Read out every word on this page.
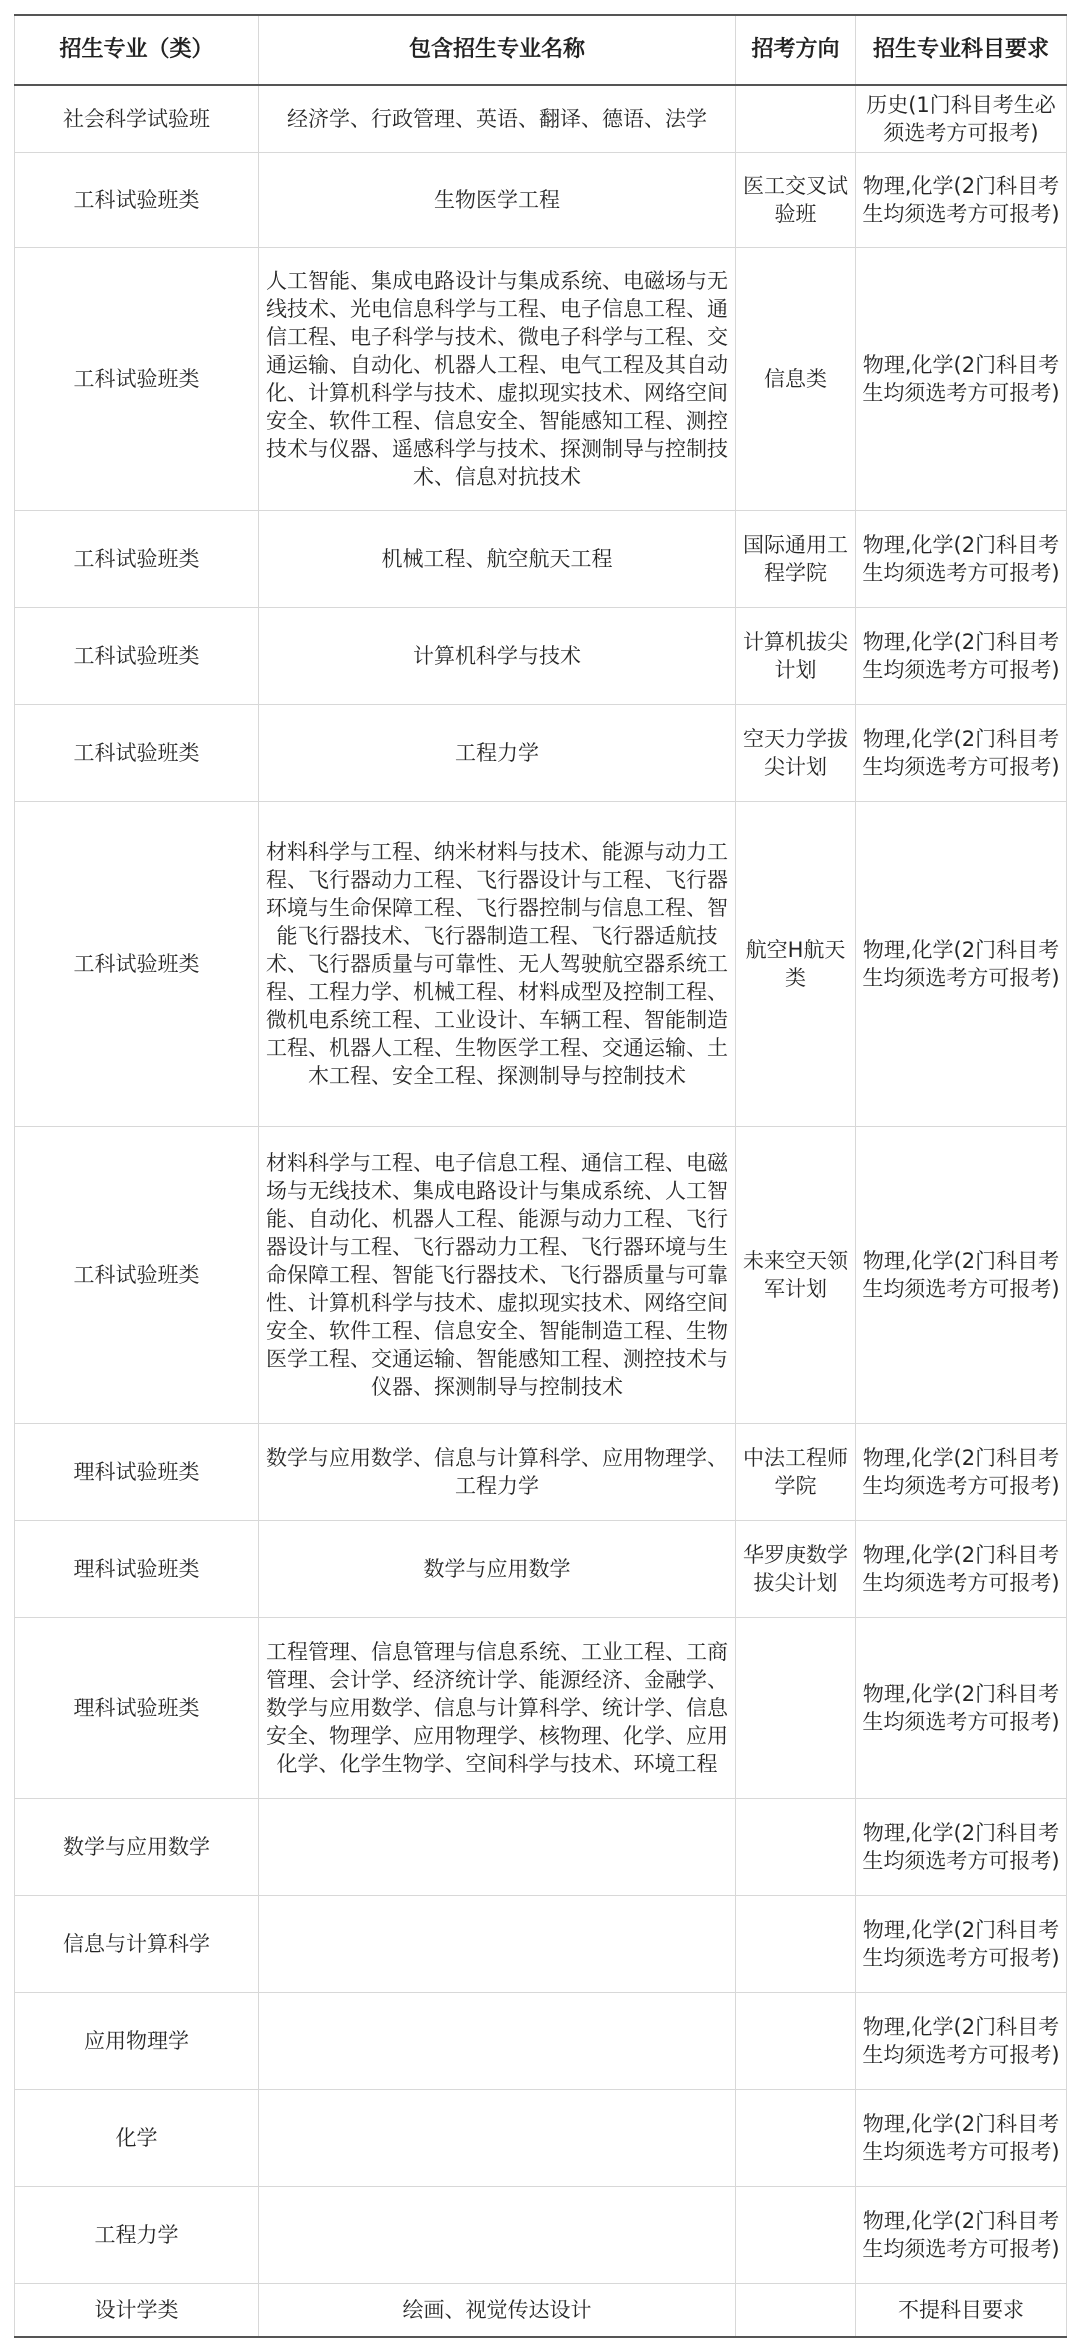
招生专业（类）	包含招生专业名称	招考方向	招生专业科目要求
社会科学试验班	经济学、行政管理、英语、翻译、德语、法学		历史(1门科目考生必须选考方可报考)
工科试验班类	生物医学工程	医工交叉试验班	物理,化学(2门科目考生均须选考方可报考)
工科试验班类	人工智能、集成电路设计与集成系统、电磁场与无线技术、光电信息科学与工程、电子信息工程、通信工程、电子科学与技术、微电子科学与工程、交通运输、自动化、机器人工程、电气工程及其自动化、计算机科学与技术、虚拟现实技术、网络空间安全、软件工程、信息安全、智能感知工程、测控技术与仪器、遥感科学与技术、探测制导与控制技术、信息对抗技术	信息类	物理,化学(2门科目考生均须选考方可报考)
工科试验班类	机械工程、航空航天工程	国际通用工程学院	物理,化学(2门科目考生均须选考方可报考)
工科试验班类	计算机科学与技术	计算机拔尖计划	物理,化学(2门科目考生均须选考方可报考)
工科试验班类	工程力学	空天力学拔尖计划	物理,化学(2门科目考生均须选考方可报考)
工科试验班类	材料科学与工程、纳米材料与技术、能源与动力工程、飞行器动力工程、飞行器设计与工程、飞行器环境与生命保障工程、飞行器控制与信息工程、智能飞行器技术、飞行器制造工程、飞行器适航技术、飞行器质量与可靠性、无人驾驶航空器系统工程、工程力学、机械工程、材料成型及控制工程、微机电系统工程、工业设计、车辆工程、智能制造工程、机器人工程、生物医学工程、交通运输、土木工程、安全工程、探测制导与控制技术	航空H航天类	物理,化学(2门科目考生均须选考方可报考)
工科试验班类	材料科学与工程、电子信息工程、通信工程、电磁场与无线技术、集成电路设计与集成系统、人工智能、自动化、机器人工程、能源与动力工程、飞行器设计与工程、飞行器动力工程、飞行器环境与生命保障工程、智能飞行器技术、飞行器质量与可靠性、计算机科学与技术、虚拟现实技术、网络空间安全、软件工程、信息安全、智能制造工程、生物医学工程、交通运输、智能感知工程、测控技术与仪器、探测制导与控制技术	未来空天领军计划	物理,化学(2门科目考生均须选考方可报考)
理科试验班类	数学与应用数学、信息与计算科学、应用物理学、工程力学	中法工程师学院	物理,化学(2门科目考生均须选考方可报考)
理科试验班类	数学与应用数学	华罗庚数学拔尖计划	物理,化学(2门科目考生均须选考方可报考)
理科试验班类	工程管理、信息管理与信息系统、工业工程、工商管理、会计学、经济统计学、能源经济、金融学、数学与应用数学、信息与计算科学、统计学、信息安全、物理学、应用物理学、核物理、化学、应用化学、化学生物学、空间科学与技术、环境工程		物理,化学(2门科目考生均须选考方可报考)
数学与应用数学			物理,化学(2门科目考生均须选考方可报考)
信息与计算科学			物理,化学(2门科目考生均须选考方可报考)
应用物理学			物理,化学(2门科目考生均须选考方可报考)
化学			物理,化学(2门科目考生均须选考方可报考)
工程力学			物理,化学(2门科目考生均须选考方可报考)
设计学类	绘画、视觉传达设计		不提科目要求
